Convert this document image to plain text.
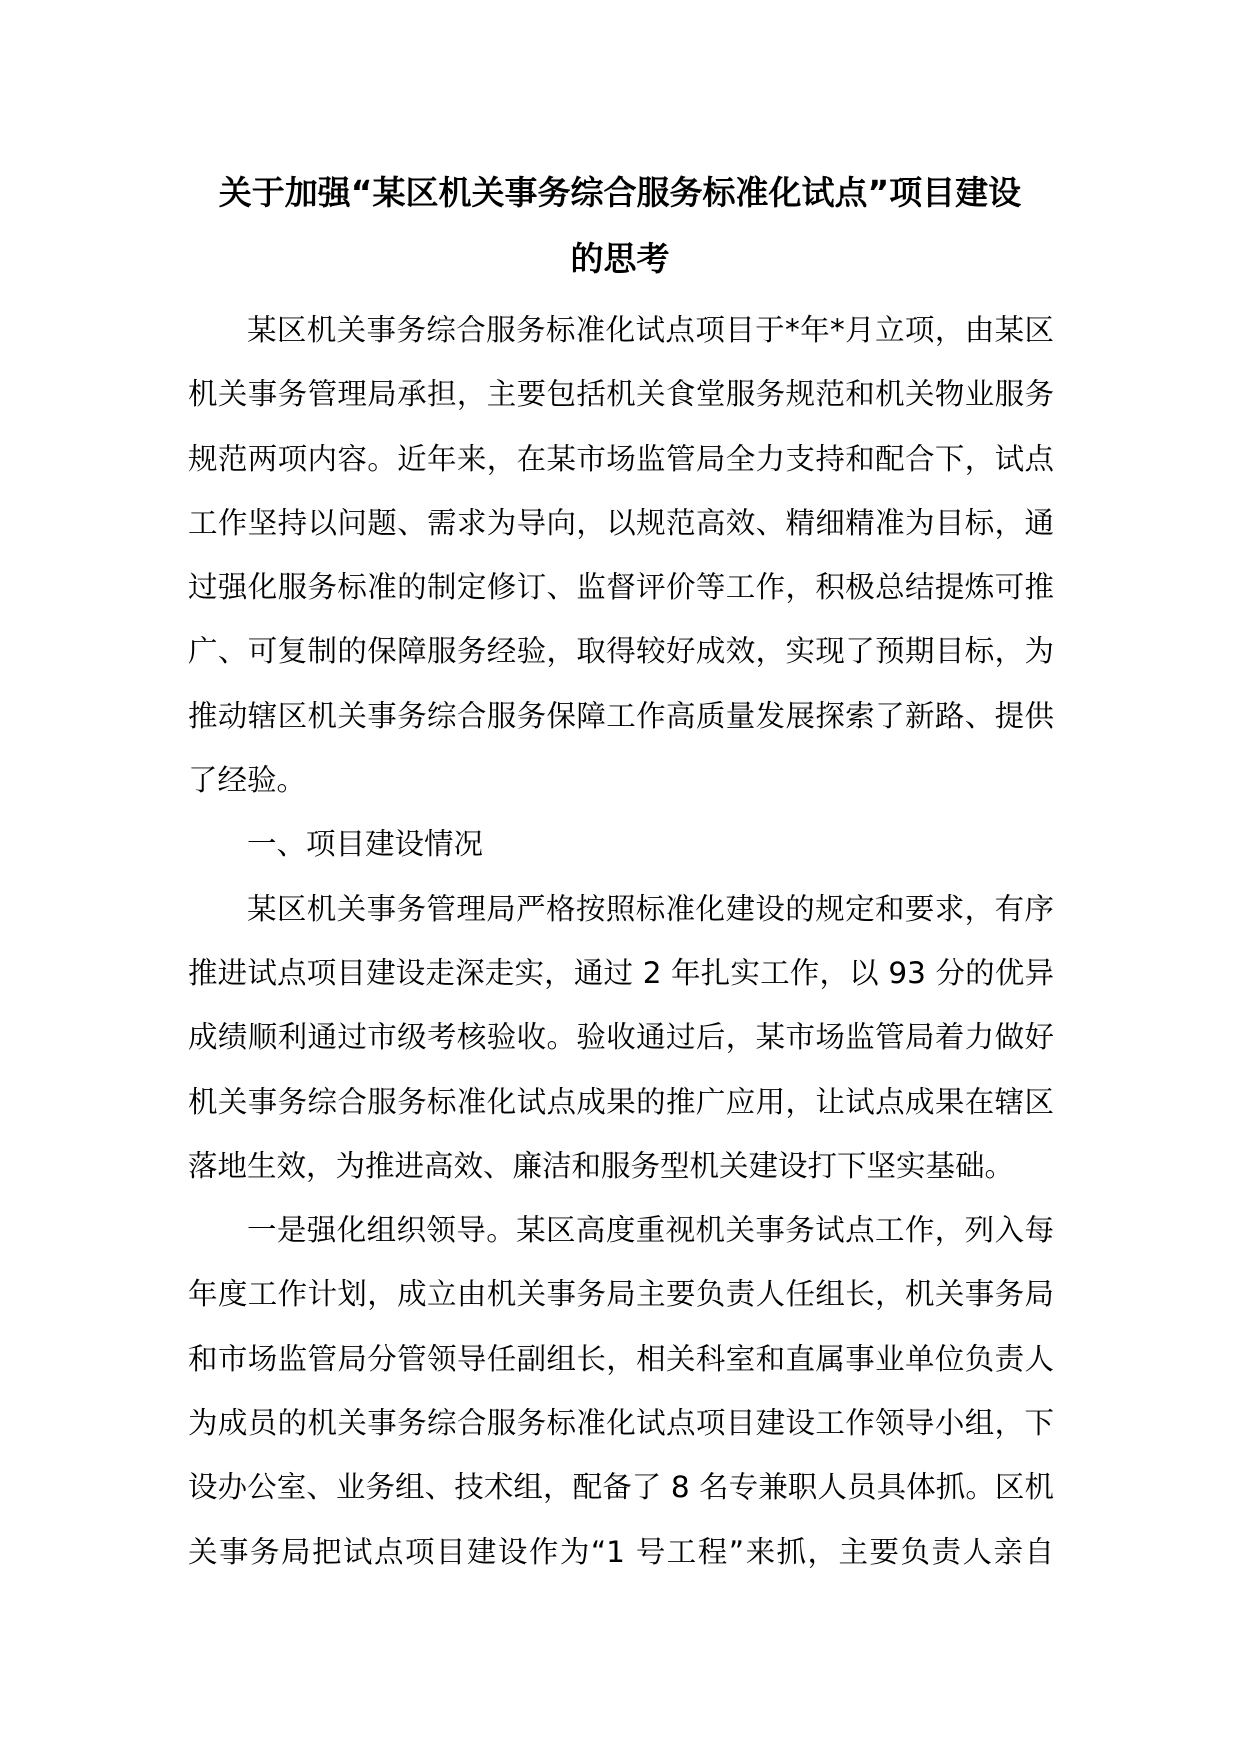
关于加强“某区机关事务综合服务标准化试点”项目建设
的思考
某区机关事务综合服务标准化试点项目于*年*月立项，由某区
机关事务管理局承担，主要包括机关食堂服务规范和机关物业服务
规范两项内容。近年来，在某市场监管局全力支持和配合下，试点
工作坚持以问题、需求为导向，以规范高效、精细精准为目标，通
过强化服务标准的制定修订、监督评价等工作，积极总结提炼可推
广、可复制的保障服务经验，取得较好成效，实现了预期目标，为
推动辖区机关事务综合服务保障工作高质量发展探索了新路、提供
了经验。
一、项目建设情况
某区机关事务管理局严格按照标准化建设的规定和要求，有序
推进试点项目建设走深走实，通过 2 年扎实工作，以 93 分的优异
成绩顺利通过市级考核验收。验收通过后，某市场监管局着力做好
机关事务综合服务标准化试点成果的推广应用，让试点成果在辖区
落地生效，为推进高效、廉洁和服务型机关建设打下坚实基础。
一是强化组织领导。某区高度重视机关事务试点工作，列入每
年度工作计划，成立由机关事务局主要负责人任组长，机关事务局
和市场监管局分管领导任副组长，相关科室和直属事业单位负责人
为成员的机关事务综合服务标准化试点项目建设工作领导小组，下
设办公室、业务组、技术组，配备了 8 名专兼职人员具体抓。区机
关事务局把试点项目建设作为“1 号工程”来抓，主要负责人亲自
